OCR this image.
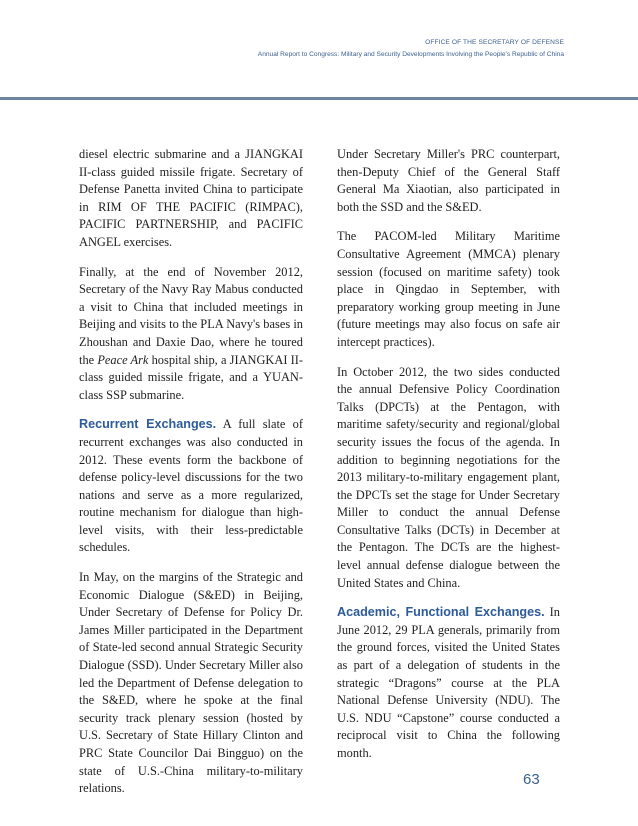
OFFICE OF THE SECRETARY OF DEFENSE
Annual Report to Congress: Military and Security Developments Involving the People's Republic of China

diesel electric submarine and a JIANGKAI II-class guided missile frigate. Secretary of Defense Panetta invited China to participate in RIM OF THE PACIFIC (RIMPAC), PACIFIC PARTNERSHIP, and PACIFIC ANGEL exercises.

Finally, at the end of November 2012, Secretary of the Navy Ray Mabus conducted a visit to China that included meetings in Beijing and visits to the PLA Navy's bases in Zhoushan and Daxie Dao, where he toured the Peace Ark hospital ship, a JIANGKAI II-class guided missile frigate, and a YUAN-class SSP submarine.

Recurrent Exchanges. A full slate of recurrent exchanges was also conducted in 2012. These events form the backbone of defense policy-level discussions for the two nations and serve as a more regularized, routine mechanism for dialogue than high-level visits, with their less-predictable schedules.

In May, on the margins of the Strategic and Economic Dialogue (S&ED) in Beijing, Under Secretary of Defense for Policy Dr. James Miller participated in the Department of State-led second annual Strategic Security Dialogue (SSD). Under Secretary Miller also led the Department of Defense delegation to the S&ED, where he spoke at the final security track plenary session (hosted by U.S. Secretary of State Hillary Clinton and PRC State Councilor Dai Bingguo) on the state of U.S.-China military-to-military relations.

Under Secretary Miller's PRC counterpart, then-Deputy Chief of the General Staff General Ma Xiaotian, also participated in both the SSD and the S&ED.

The PACOM-led Military Maritime Consultative Agreement (MMCA) plenary session (focused on maritime safety) took place in Qingdao in September, with preparatory working group meeting in June (future meetings may also focus on safe air intercept practices).

In October 2012, the two sides conducted the annual Defensive Policy Coordination Talks (DPCTs) at the Pentagon, with maritime safety/security and regional/global security issues the focus of the agenda. In addition to beginning negotiations for the 2013 military-to-military engagement plant, the DPCTs set the stage for Under Secretary Miller to conduct the annual Defense Consultative Talks (DCTs) in December at the Pentagon. The DCTs are the highest-level annual defense dialogue between the United States and China.

Academic, Functional Exchanges. In June 2012, 29 PLA generals, primarily from the ground forces, visited the United States as part of a delegation of students in the strategic “Dragons” course at the PLA National Defense University (NDU). The U.S. NDU “Capstone” course conducted a reciprocal visit to China the following month.

63
